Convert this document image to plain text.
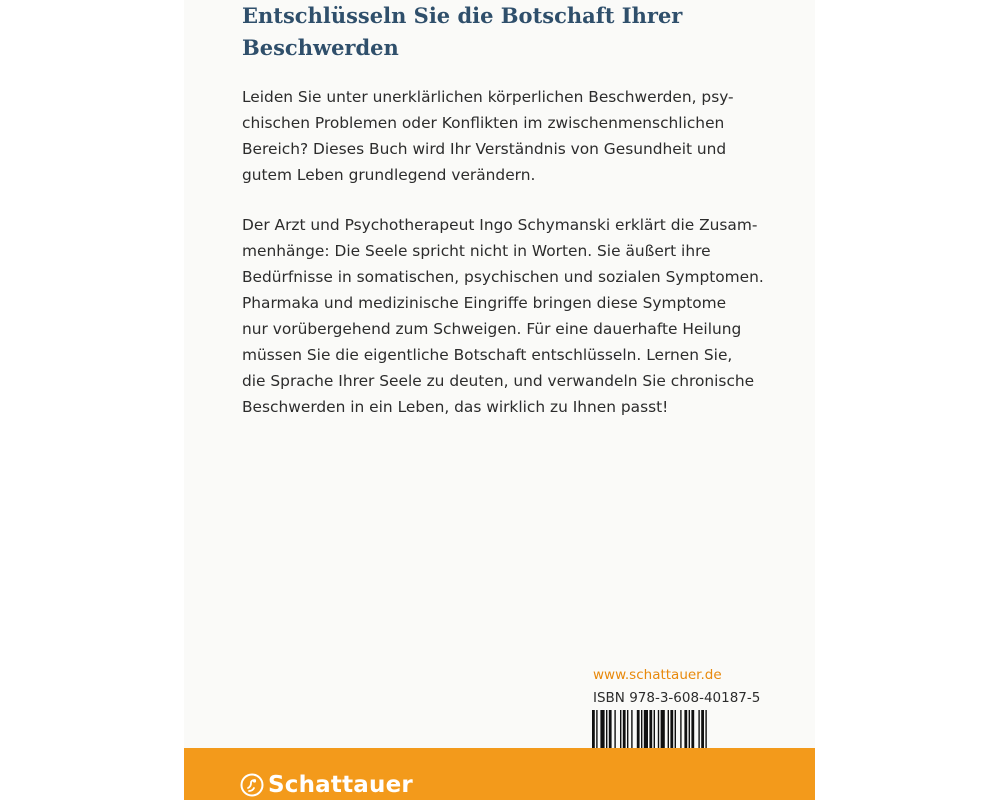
Entschlüsseln Sie die Botschaft Ihrer
Beschwerden
Leiden Sie unter unerklärlichen körperlichen Beschwerden, psy-
chischen Problemen oder Konflikten im zwischenmenschlichen
Bereich? Dieses Buch wird Ihr Verständnis von Gesundheit und
gutem Leben grundlegend verändern.
Der Arzt und Psychotherapeut Ingo Schymanski erklärt die Zusam-
menhänge: Die Seele spricht nicht in Worten. Sie äußert ihre
Bedürfnisse in somatischen, psychischen und sozialen Symptomen.
Pharmaka und medizinische Eingriffe bringen diese Symptome
nur vorübergehend zum Schweigen. Für eine dauerhafte Heilung
müssen Sie die eigentliche Botschaft entschlüsseln. Lernen Sie,
die Sprache Ihrer Seele zu deuten, und verwandeln Sie chronische
Beschwerden in ein Leben, das wirklich zu Ihnen passt!
www.schattauer.de
ISBN 978-3-608-40187-5
Schattauer
